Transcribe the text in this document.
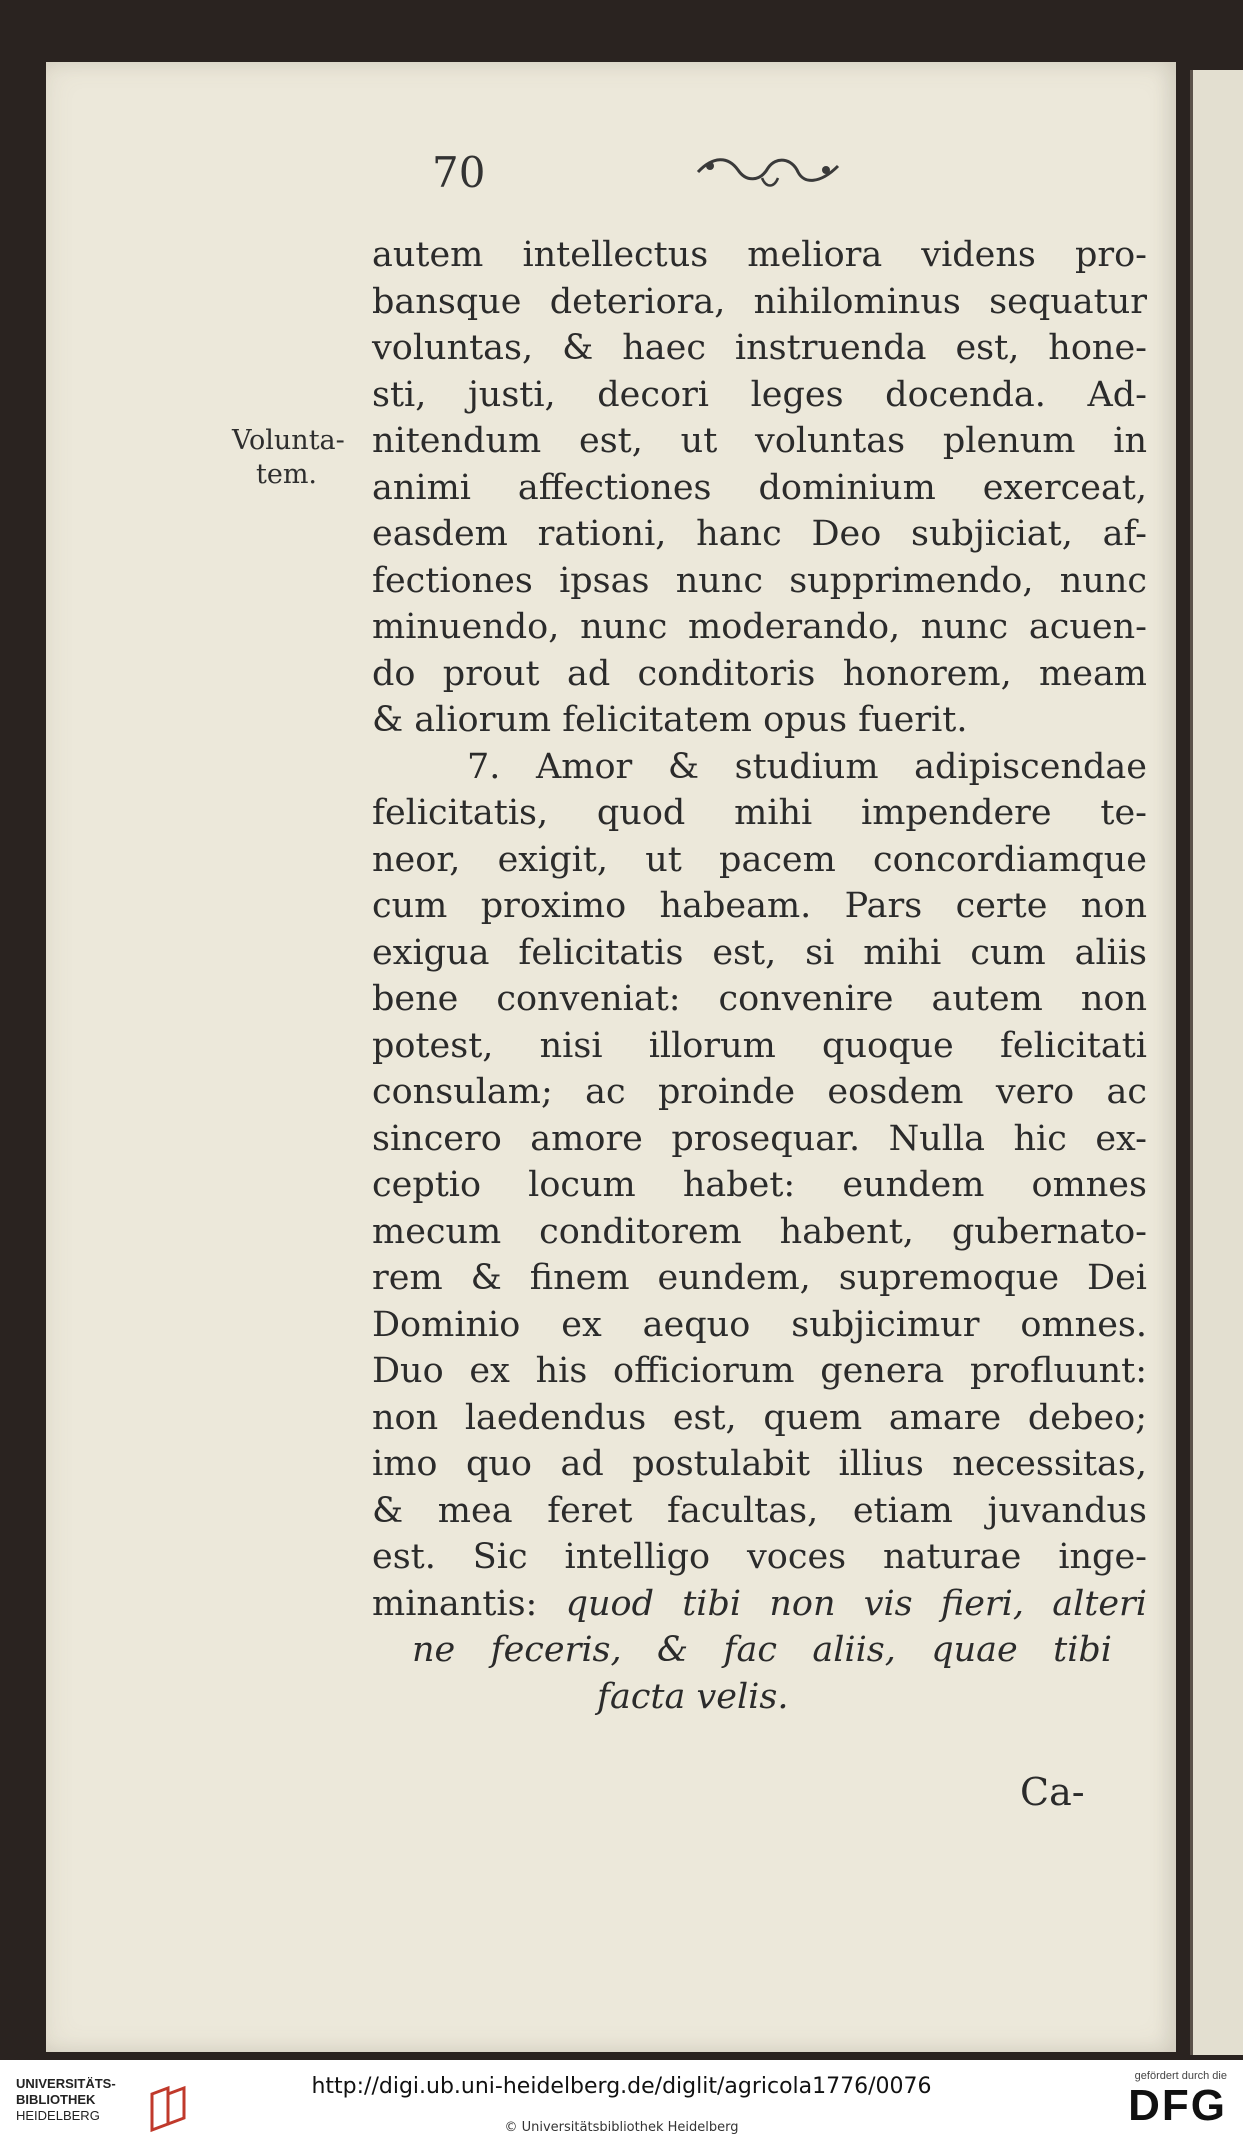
70
Volunta-
tem.
autem intellectus meliora videns pro-
bansque deteriora, nihilominus sequatur
voluntas, & haec instruenda est, hone-
sti, justi, decori leges docenda. Ad-
nitendum est, ut voluntas plenum in
animi affectiones dominium exerceat,
easdem rationi, hanc Deo subjiciat, af-
fectiones ipsas nunc supprimendo, nunc
minuendo, nunc moderando, nunc acuen-
do prout ad conditoris honorem, meam
& aliorum felicitatem opus fuerit.
7. Amor & studium adipiscendae
felicitatis, quod mihi impendere te-
neor, exigit, ut pacem concordiamque
cum proximo habeam. Pars certe non
exigua felicitatis est, si mihi cum aliis
bene conveniat: convenire autem non
potest, nisi illorum quoque felicitati
consulam; ac proinde eosdem vero ac
sincero amore prosequar. Nulla hic ex-
ceptio locum habet: eundem omnes
mecum conditorem habent, gubernato-
rem & finem eundem, supremoque Dei
Dominio ex aequo subjicimur omnes.
Duo ex his officiorum genera profluunt:
non laedendus est, quem amare debeo;
imo quo ad postulabit illius necessitas,
& mea feret facultas, etiam juvandus
est. Sic intelligo voces naturae inge-
minantis: quod tibi non vis fieri, alteri
ne feceris, & fac aliis, quae tibi
facta velis.
Ca-
UNIVERSITÄTS-
BIBLIOTHEK
HEIDELBERG
http://digi.ub.uni-heidelberg.de/diglit/agricola1776/0076
© Universitätsbibliothek Heidelberg
gefördert durch die
DFG
